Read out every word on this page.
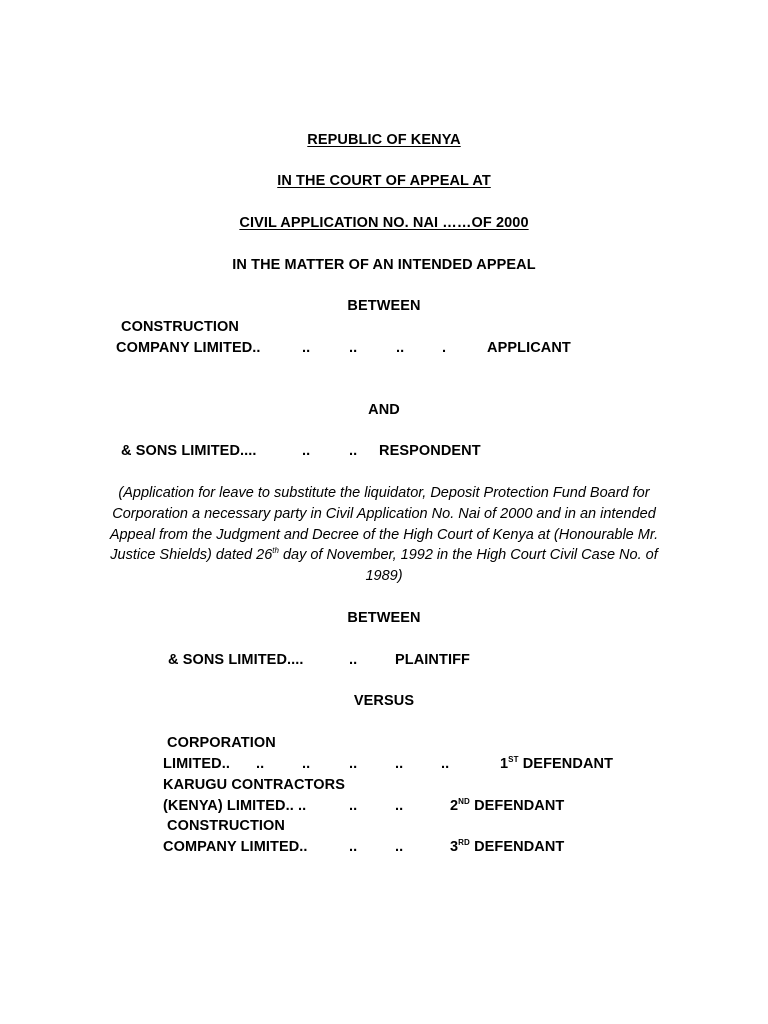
REPUBLIC OF KENYA
IN THE COURT OF APPEAL AT
CIVIL APPLICATION NO. NAI ……OF 2000
IN THE MATTER OF AN INTENDED APPEAL
BETWEEN
CONSTRUCTION
COMPANY LIMITED..	..	..	..	.	APPLICANT
AND
& SONS LIMITED....	..	.. RESPONDENT
(Application for leave to substitute the liquidator, Deposit Protection Fund Board for Corporation a necessary party in Civil Application No. Nai of 2000 and in an intended Appeal from the Judgment and Decree of the High Court of Kenya at (Honourable Mr. Justice Shields) dated 26th day of November, 1992 in the High Court Civil Case No. of 1989)
BETWEEN
& SONS LIMITED....	..	PLAINTIFF
VERSUS
CORPORATION
LIMITED.. ..	..	..	..	..	1ST DEFENDANT
KARUGU CONTRACTORS
(KENYA) LIMITED.. ..	..	..	2ND DEFENDANT
CONSTRUCTION
COMPANY LIMITED..	..	..	3RD DEFENDANT
